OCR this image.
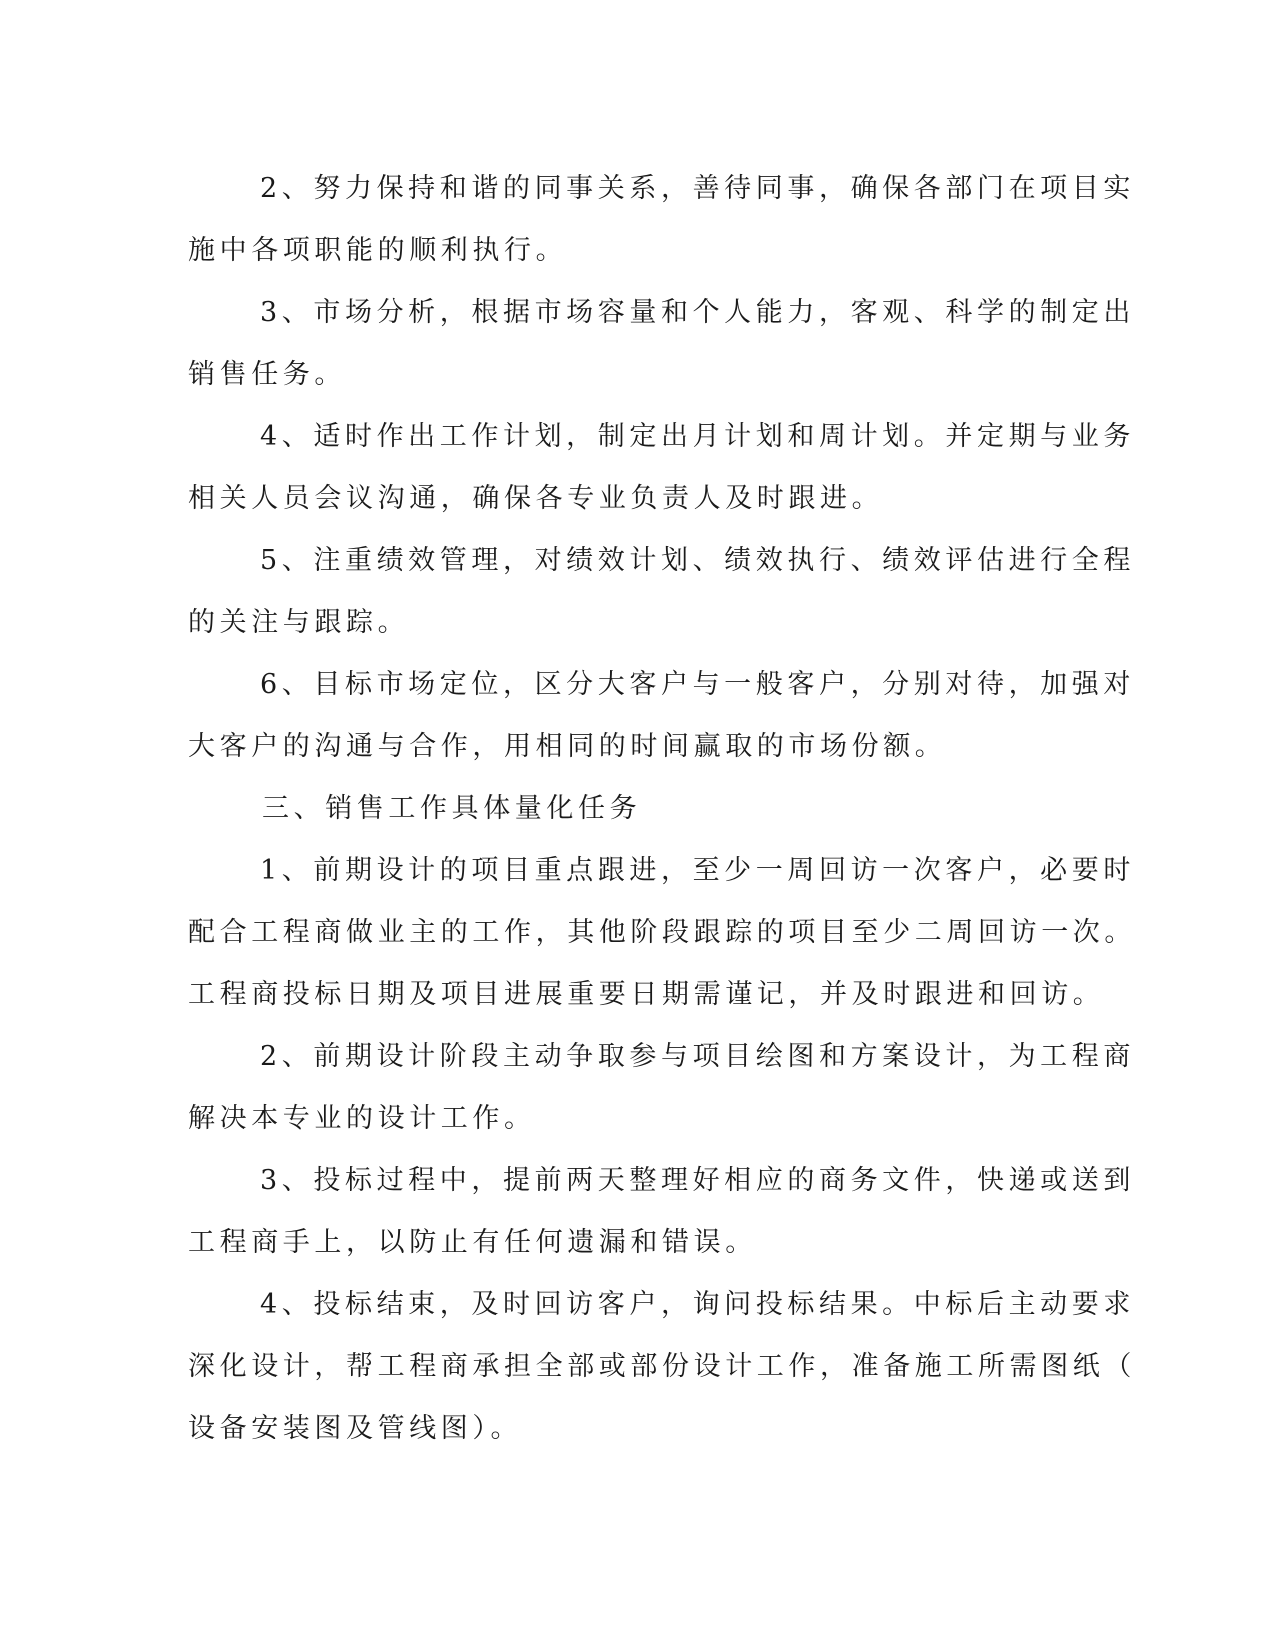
2、努力保持和谐的同事关系，善待同事，确保各部门在项目实
施中各项职能的顺利执行。

3、市场分析，根据市场容量和个人能力，客观、科学的制定出
销售任务。

4、适时作出工作计划，制定出月计划和周计划。并定期与业务
相关人员会议沟通，确保各专业负责人及时跟进。

5、注重绩效管理，对绩效计划、绩效执行、绩效评估进行全程
的关注与跟踪。

6、目标市场定位，区分大客户与一般客户，分别对待，加强对
大客户的沟通与合作，用相同的时间赢取的市场份额。

三、销售工作具体量化任务

1、前期设计的项目重点跟进，至少一周回访一次客户，必要时
配合工程商做业主的工作，其他阶段跟踪的项目至少二周回访一次。
工程商投标日期及项目进展重要日期需谨记，并及时跟进和回访。

2、前期设计阶段主动争取参与项目绘图和方案设计，为工程商
解决本专业的设计工作。

3、投标过程中，提前两天整理好相应的商务文件，快递或送到
工程商手上，以防止有任何遗漏和错误。

4、投标结束，及时回访客户，询问投标结果。中标后主动要求
深化设计，帮工程商承担全部或部份设计工作，准备施工所需图纸（
设备安装图及管线图）。
